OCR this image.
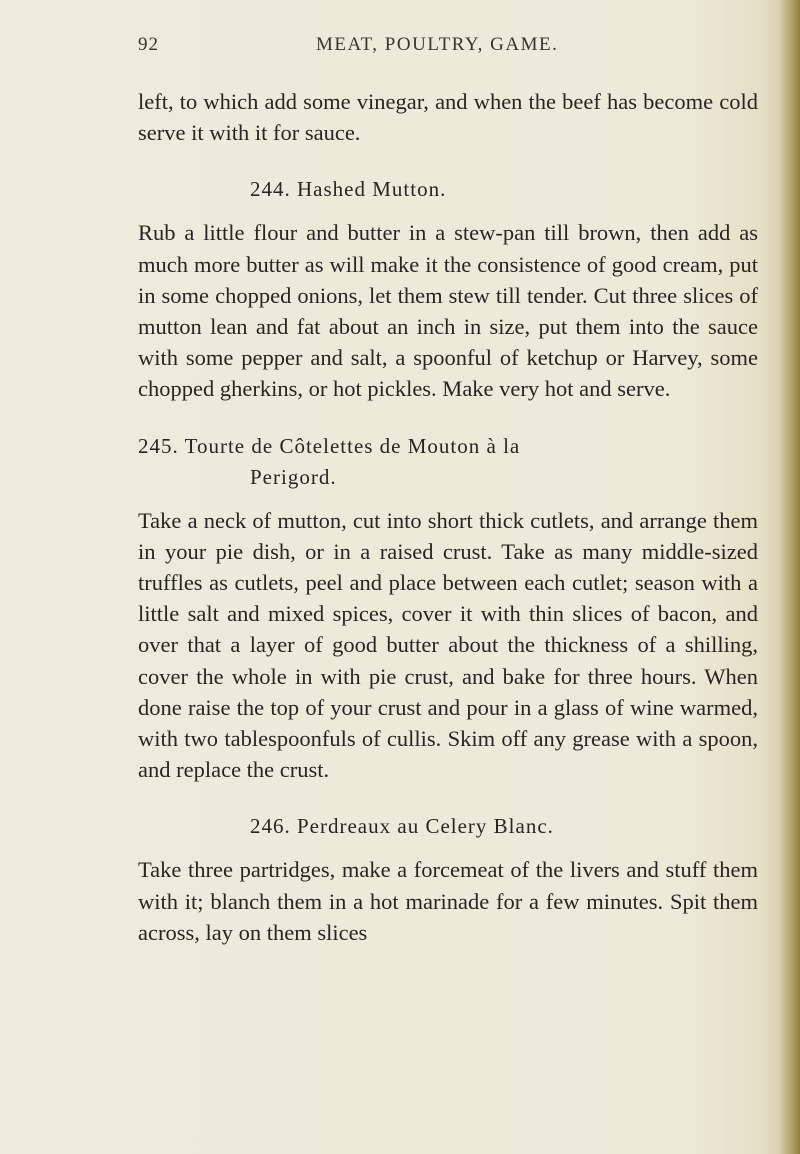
92	MEAT, POULTRY, GAME.

left, to which add some vinegar, and when the beef has become cold serve it with it for sauce.

244. Hashed Mutton.

Rub a little flour and butter in a stew-pan till brown, then add as much more butter as will make it the consistence of good cream, put in some chopped onions, let them stew till tender. Cut three slices of mutton lean and fat about an inch in size, put them into the sauce with some pepper and salt, a spoonful of ketchup or Harvey, some chopped gherkins, or hot pickles. Make very hot and serve.

245. Tourte de Côtelettes de Mouton à la
Perigord.

Take a neck of mutton, cut into short thick cutlets, and arrange them in your pie dish, or in a raised crust. Take as many middle-sized truffles as cutlets, peel and place between each cutlet; season with a little salt and mixed spices, cover it with thin slices of bacon, and over that a layer of good butter about the thickness of a shilling, cover the whole in with pie crust, and bake for three hours. When done raise the top of your crust and pour in a glass of wine warmed, with two tablespoonfuls of cullis. Skim off any grease with a spoon, and replace the crust.

246. Perdreaux au Celery Blanc.

Take three partridges, make a forcemeat of the livers and stuff them with it; blanch them in a hot marinade for a few minutes. Spit them across, lay on them slices
